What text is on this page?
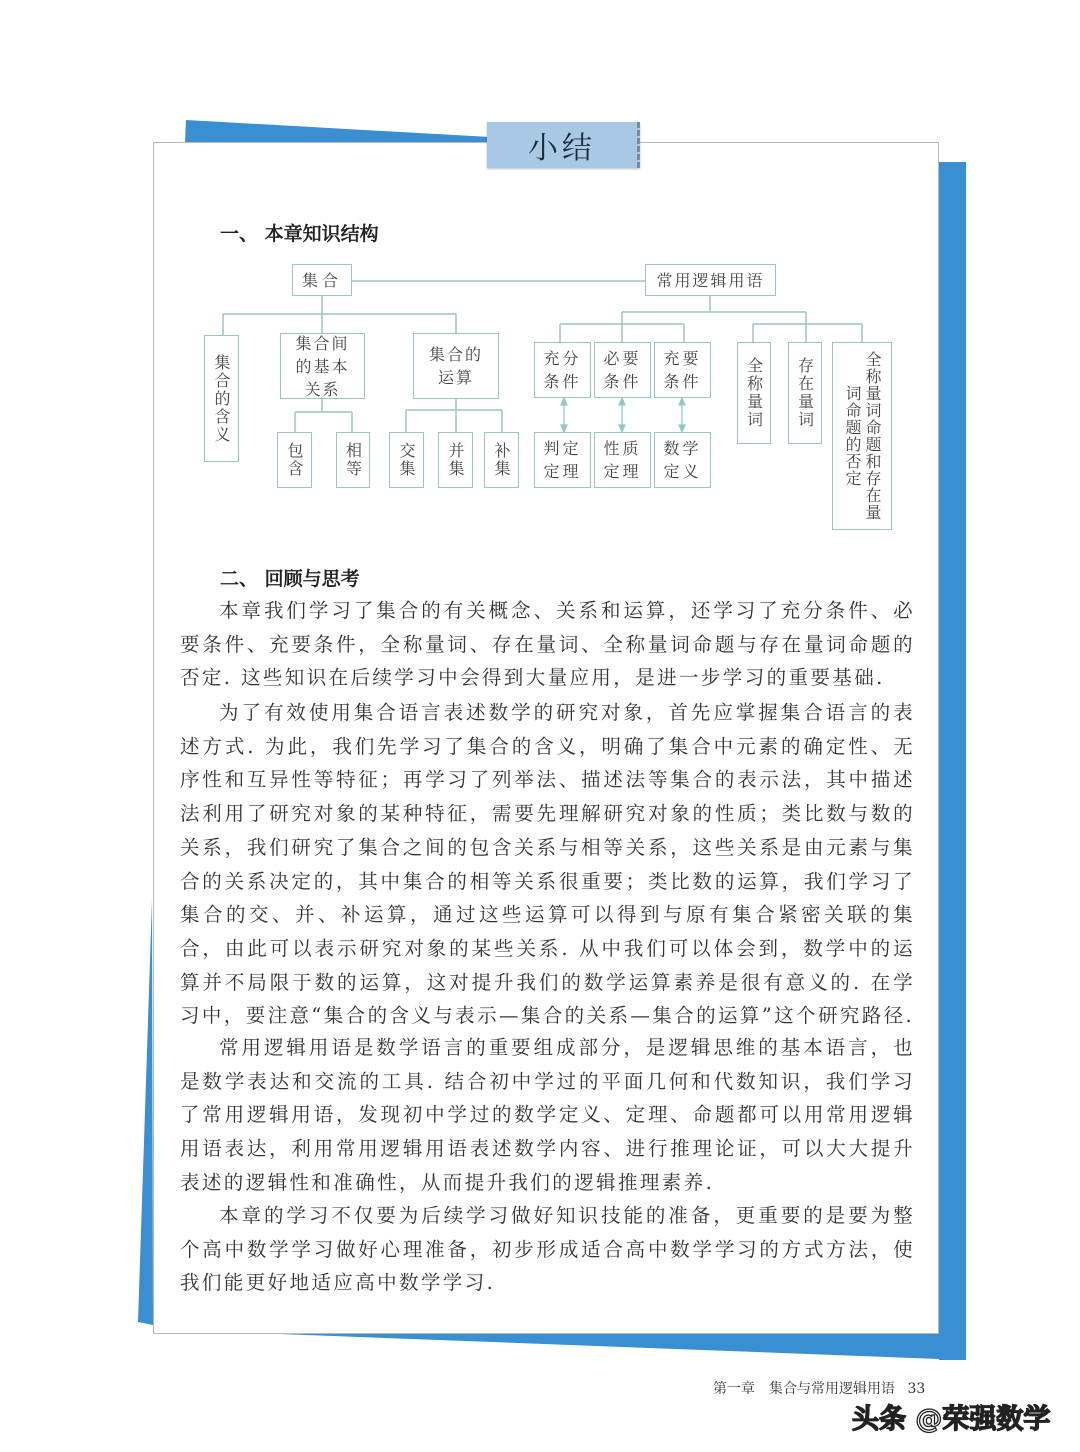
小结
一、 本章知识结构
集合
集合的含义
集合间的基本关系
集合的运算
包含	相等	交集	并集	补集
常用逻辑用语
充分条件
必要条件
充要条件
判定定理
性质定理
数学定义
全称量词	存在量词	全称量词命题和存在量词命题的否定
二、 回顾与思考

本章我们学习了集合的有关概念、关系和运算，还学习了充分条件、必要条件、充要条件，全称量词、存在量词、全称量词命题与存在量词命题的否定. 这些知识在后续学习中会得到大量应用，是进一步学习的重要基础.

为了有效使用集合语言表述数学的研究对象，首先应掌握集合语言的表述方式. 为此，我们先学习了集合的含义，明确了集合中元素的确定性、无序性和互异性等特征；再学习了列举法、描述法等集合的表示法，其中描述法利用了研究对象的某种特征，需要先理解研究对象的性质；类比数与数的关系，我们研究了集合之间的包含关系与相等关系，这些关系是由元素与集合的关系决定的，其中集合的相等关系很重要；类比数的运算，我们学习了集合的交、并、补运算，通过这些运算可以得到与原有集合紧密关联的集合，由此可以表示研究对象的某些关系. 从中我们可以体会到，数学中的运算并不局限于数的运算，这对提升我们的数学运算素养是很有意义的. 在学习中，要注意“集合的含义与表示—集合的关系—集合的运算”这个研究路径.

常用逻辑用语是数学语言的重要组成部分，是逻辑思维的基本语言，也是数学表达和交流的工具. 结合初中学过的平面几何和代数知识，我们学习了常用逻辑用语，发现初中学过的数学定义、定理、命题都可以用常用逻辑用语表达，利用常用逻辑用语表述数学内容、进行推理论证，可以大大提升表述的逻辑性和准确性，从而提升我们的逻辑推理素养.

本章的学习不仅要为后续学习做好知识技能的准备，更重要的是要为整个高中数学学习做好心理准备，初步形成适合高中数学学习的方式方法，使我们能更好地适应高中数学学习.

第一章　集合与常用逻辑用语 33
头条 @荣强数学
